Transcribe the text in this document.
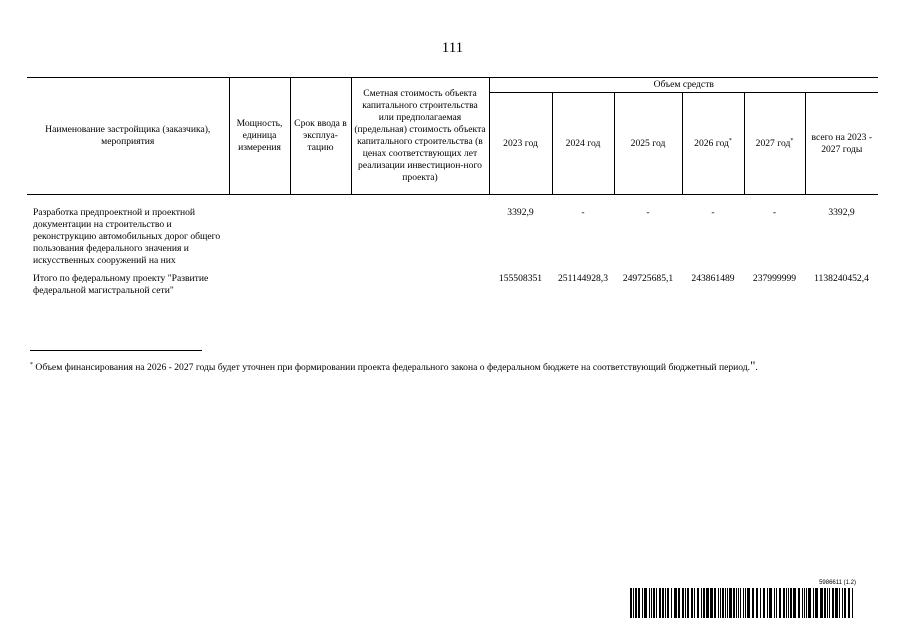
111
Наименование застройщика (заказчика), мероприятия	Мощность, единица измерения	Срок ввода в эксплуа-тацию	Сметная стоимость объекта капитального строительства или предполагаемая (предельная) стоимость объекта капитального строительства (в ценах соответствующих лет реализации инвестицион-ного проекта)	Объем средств					
				2023 год	2024 год	2025 год	2026 год*	2027 год*	всего на 2023 - 2027 годы

Разработка предпроектной и проектной документации на строительство и реконструкцию автомобильных дорог общего пользования федерального значения и искусственных сооружений на них				3392,9	-	-	-	-	3392,9
Итого по федеральному проекту "Развитие федеральной магистральной сети"				155508351	251144928,3	249725685,1	243861489	237999999	1138240452,4
* Объем финансирования на 2026 - 2027 годы будет уточнен при формировании проекта федерального закона о федеральном бюджете на соответствующий бюджетный период.".
5986611 (1.2)
